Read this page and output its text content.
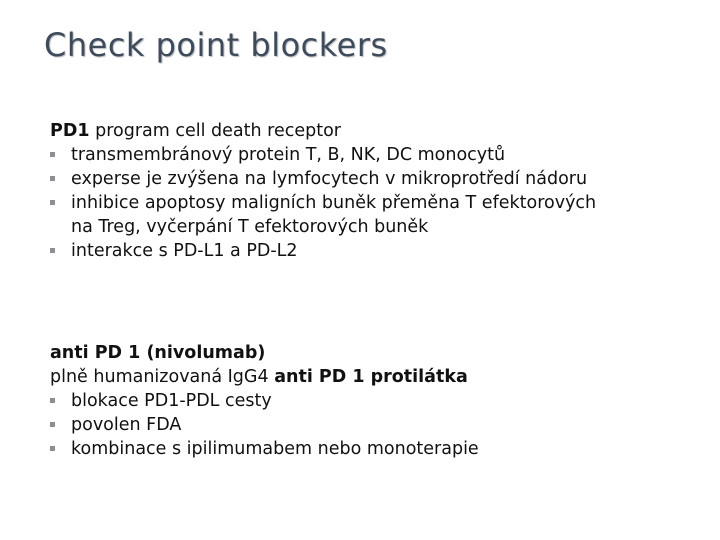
Check point blockers
PD1 program cell death receptor
transmembránový protein T, B, NK, DC monocytů
experse je zvýšena na lymfocytech v mikroprotředí nádoru
inhibice apoptosy maligních buněk přeměna T efektorových
na Treg, vyčerpání T efektorových buněk
interakce s PD-L1 a PD-L2
anti PD 1 (nivolumab)
plně humanizovaná IgG4 anti PD 1 protilátka
blokace PD1-PDL cesty
povolen FDA
kombinace s ipilimumabem nebo monoterapie
